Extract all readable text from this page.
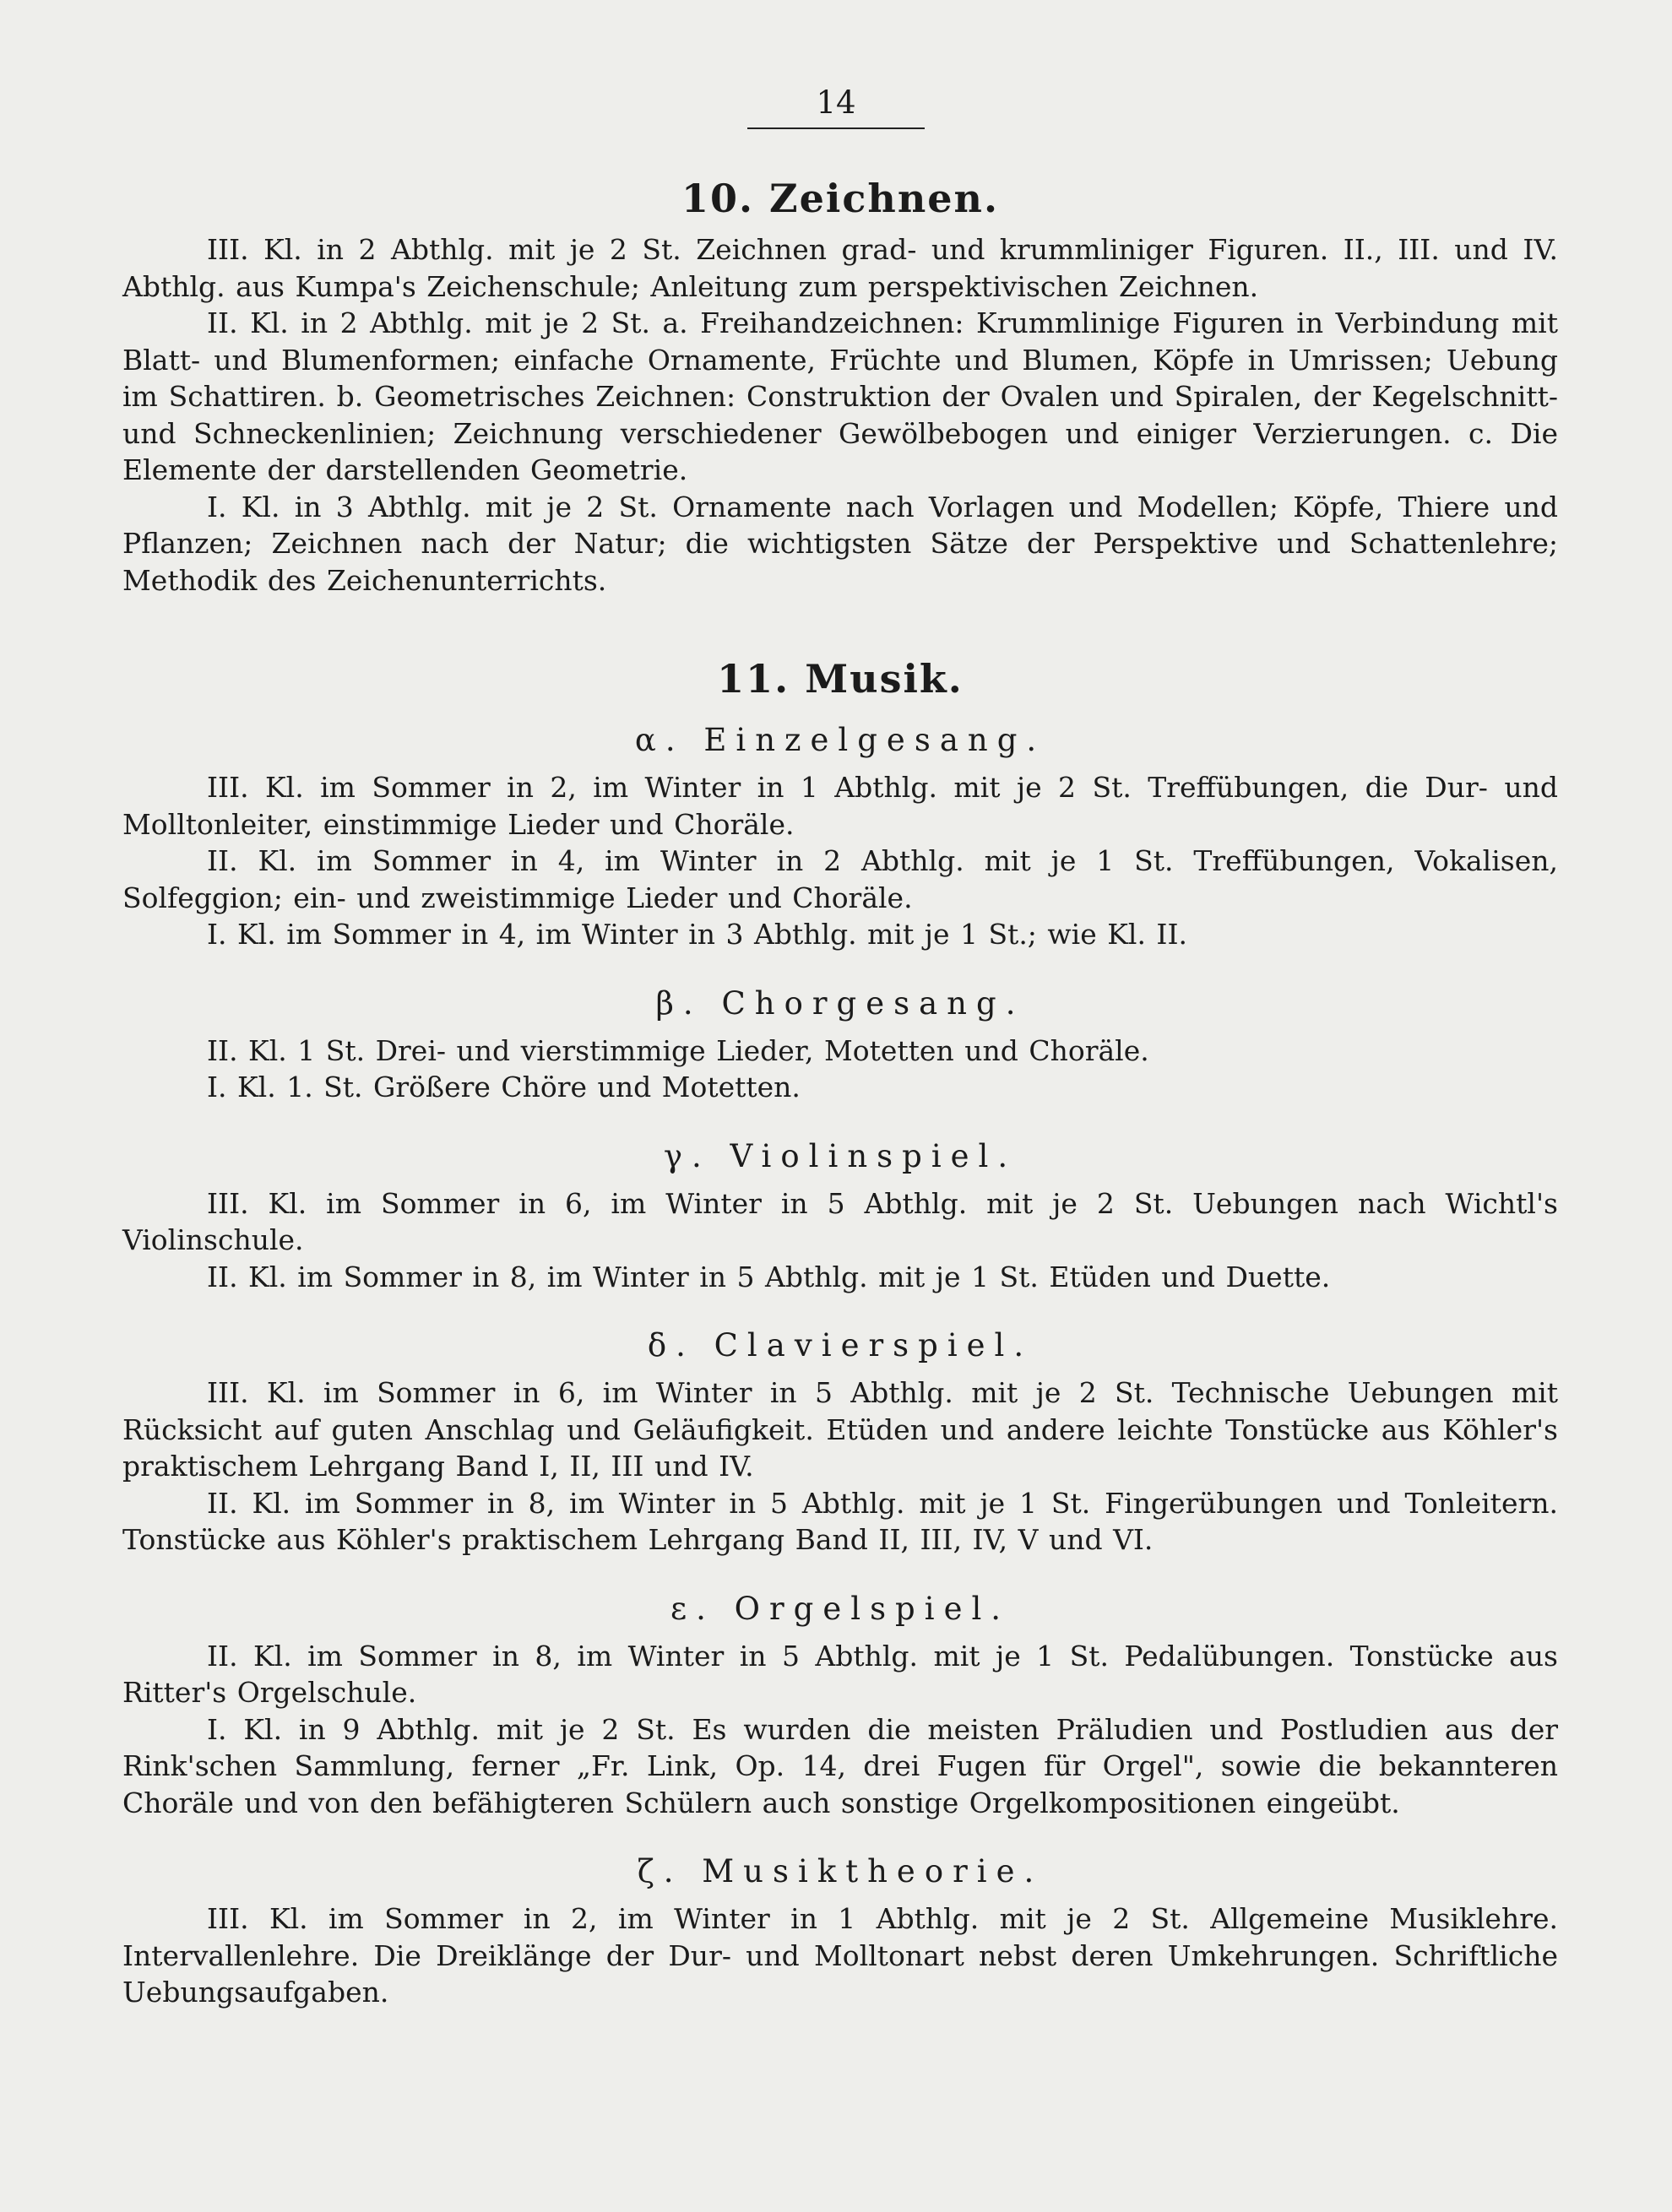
14
10. Zeichnen.

III. Kl. in 2 Abthlg. mit je 2 St. Zeichnen grad- und krummliniger Figuren. II., III. und IV. Abthlg. aus Kumpa's Zeichenschule; Anleitung zum perspektivischen Zeichnen.

II. Kl. in 2 Abthlg. mit je 2 St. a. Freihandzeichnen: Krummlinige Figuren in Verbindung mit Blatt- und Blumenformen; einfache Ornamente, Früchte und Blumen, Köpfe in Umrissen; Uebung im Schattiren. b. Geometrisches Zeichnen: Construktion der Ovalen und Spiralen, der Kegelschnitt- und Schneckenlinien; Zeichnung verschiedener Gewölbebogen und einiger Verzierungen. c. Die Elemente der darstellenden Geometrie.

I. Kl. in 3 Abthlg. mit je 2 St. Ornamente nach Vorlagen und Modellen; Köpfe, Thiere und Pflanzen; Zeichnen nach der Natur; die wichtigsten Sätze der Perspektive und Schattenlehre; Methodik des Zeichenunterrichts.

11. Musik.
α. Einzelgesang.

III. Kl. im Sommer in 2, im Winter in 1 Abthlg. mit je 2 St. Treffübungen, die Dur- und Molltonleiter, einstimmige Lieder und Choräle.

II. Kl. im Sommer in 4, im Winter in 2 Abthlg. mit je 1 St. Treffübungen, Vokalisen, Solfeggion; ein- und zweistimmige Lieder und Choräle.

I. Kl. im Sommer in 4, im Winter in 3 Abthlg. mit je 1 St.; wie Kl. II.

β. Chorgesang.

II. Kl. 1 St. Drei- und vierstimmige Lieder, Motetten und Choräle.

I. Kl. 1. St. Größere Chöre und Motetten.

γ. Violinspiel.

III. Kl. im Sommer in 6, im Winter in 5 Abthlg. mit je 2 St. Uebungen nach Wichtl's Violinschule.

II. Kl. im Sommer in 8, im Winter in 5 Abthlg. mit je 1 St. Etüden und Duette.

δ. Clavierspiel.

III. Kl. im Sommer in 6, im Winter in 5 Abthlg. mit je 2 St. Technische Uebungen mit Rücksicht auf guten Anschlag und Geläufigkeit. Etüden und andere leichte Tonstücke aus Köhler's praktischem Lehrgang Band I, II, III und IV.

II. Kl. im Sommer in 8, im Winter in 5 Abthlg. mit je 1 St. Fingerübungen und Tonleitern. Tonstücke aus Köhler's praktischem Lehrgang Band II, III, IV, V und VI.

ε. Orgelspiel.

II. Kl. im Sommer in 8, im Winter in 5 Abthlg. mit je 1 St. Pedalübungen. Tonstücke aus Ritter's Orgelschule.

I. Kl. in 9 Abthlg. mit je 2 St. Es wurden die meisten Präludien und Postludien aus der Rink'schen Sammlung, ferner „Fr. Link, Op. 14, drei Fugen für Orgel", sowie die bekannteren Choräle und von den befähigteren Schülern auch sonstige Orgelkompositionen eingeübt.

ζ. Musiktheorie.

III. Kl. im Sommer in 2, im Winter in 1 Abthlg. mit je 2 St. Allgemeine Musiklehre. Intervallenlehre. Die Dreiklänge der Dur- und Molltonart nebst deren Umkehrungen. Schriftliche Uebungsaufgaben.
